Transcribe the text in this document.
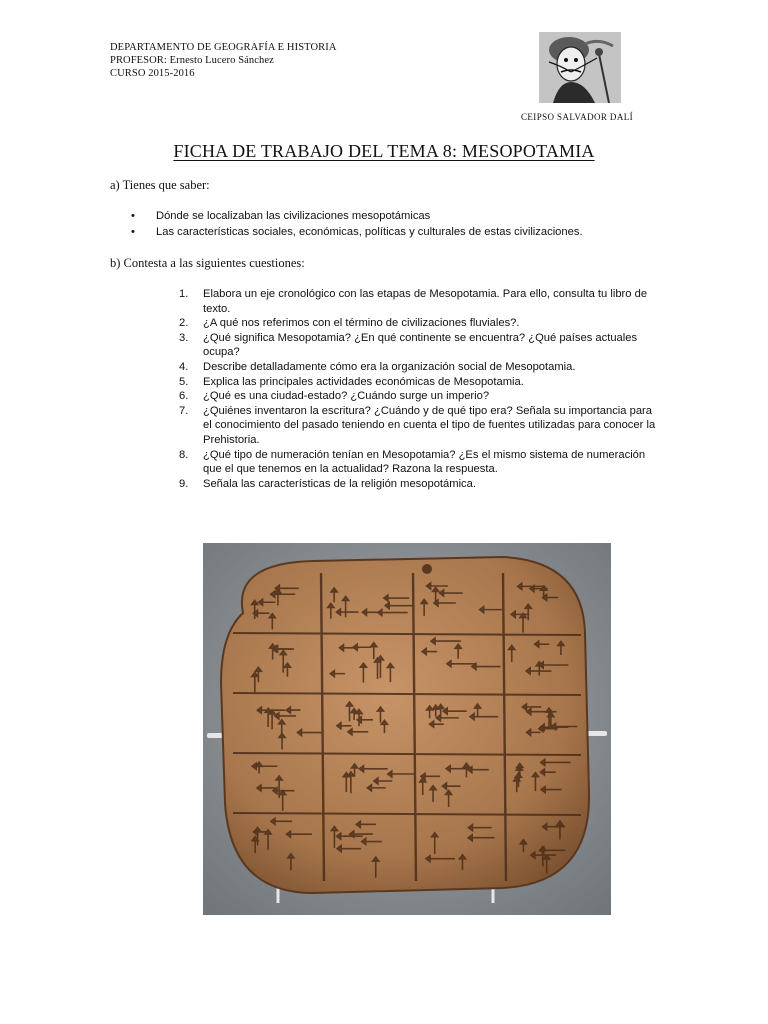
DEPARTAMENTO DE GEOGRAFÍA E HISTORIA
PROFESOR: Ernesto Lucero Sánchez
CURSO 2015-2016
CEIPSO SALVADOR DALÍ
FICHA DE TRABAJO DEL TEMA 8: MESOPOTAMIA
a) Tienes que saber:
• Dónde se localizaban las civilizaciones mesopotámicas
• Las características sociales, económicas, políticas y culturales de estas civilizaciones.
b) Contesta a las siguientes cuestiones:
1. Elabora un eje cronológico con las etapas de Mesopotamia. Para ello, consulta tu libro de texto.
2. ¿A qué nos referimos con el término de civilizaciones fluviales?.
3. ¿Qué significa Mesopotamia? ¿En qué continente se encuentra? ¿Qué países actuales ocupa?
4. Describe detalladamente cómo era la organización social de Mesopotamia.
5. Explica las principales actividades económicas de Mesopotamia.
6. ¿Qué es una ciudad-estado? ¿Cuándo surge un imperio?
7. ¿Quiénes inventaron la escritura? ¿Cuándo y de qué tipo era? Señala su importancia para el conocimiento del pasado teniendo en cuenta el tipo de fuentes utilizadas para conocer la Prehistoria.
8. ¿Qué tipo de numeración tenían en Mesopotamia? ¿Es el mismo sistema de numeración que el que tenemos en la actualidad? Razona la respuesta.
9. Señala las características de la religión mesopotámica.
